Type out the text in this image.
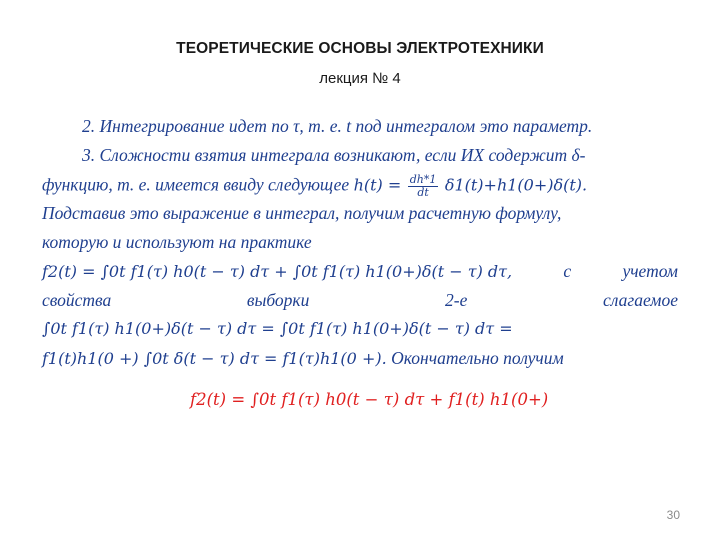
ТЕОРЕТИЧЕСКИЕ ОСНОВЫ ЭЛЕКТРОТЕХНИКИ
лекция № 4
2. Интегрирование идет по τ, т. е. t под интегралом это параметр.
3. Сложности взятия интеграла возникают, если ИХ содержит δ-
функцию, т. е. имеется ввиду следующее $h(t) = \frac{dh*1}{dt} \delta 1(t)+h1(0+)\delta(t)$.
Подставив это выражение в интеграл, получим расчетную формулу,
которую и используют на практике
f2(t) = ∫0t f1(τ) h0(t − τ) dτ + ∫0t f1(τ) h1(0+)δ(t − τ) dτ,	с	учетом
свойства	выборки	2-е	слагаемое
∫0t f1(τ) h1(0+)δ(t − τ) dτ = ∫0t f1(τ) h1(0+)δ(t − τ) dτ =
f1(t)h1(0 +) ∫0t δ(t − τ) dτ = f1(τ)h1(0 +). Окончательно получим
f2(t) = ∫0t f1(τ) h0(t − τ) dτ + f1(t) h1(0+)
30
